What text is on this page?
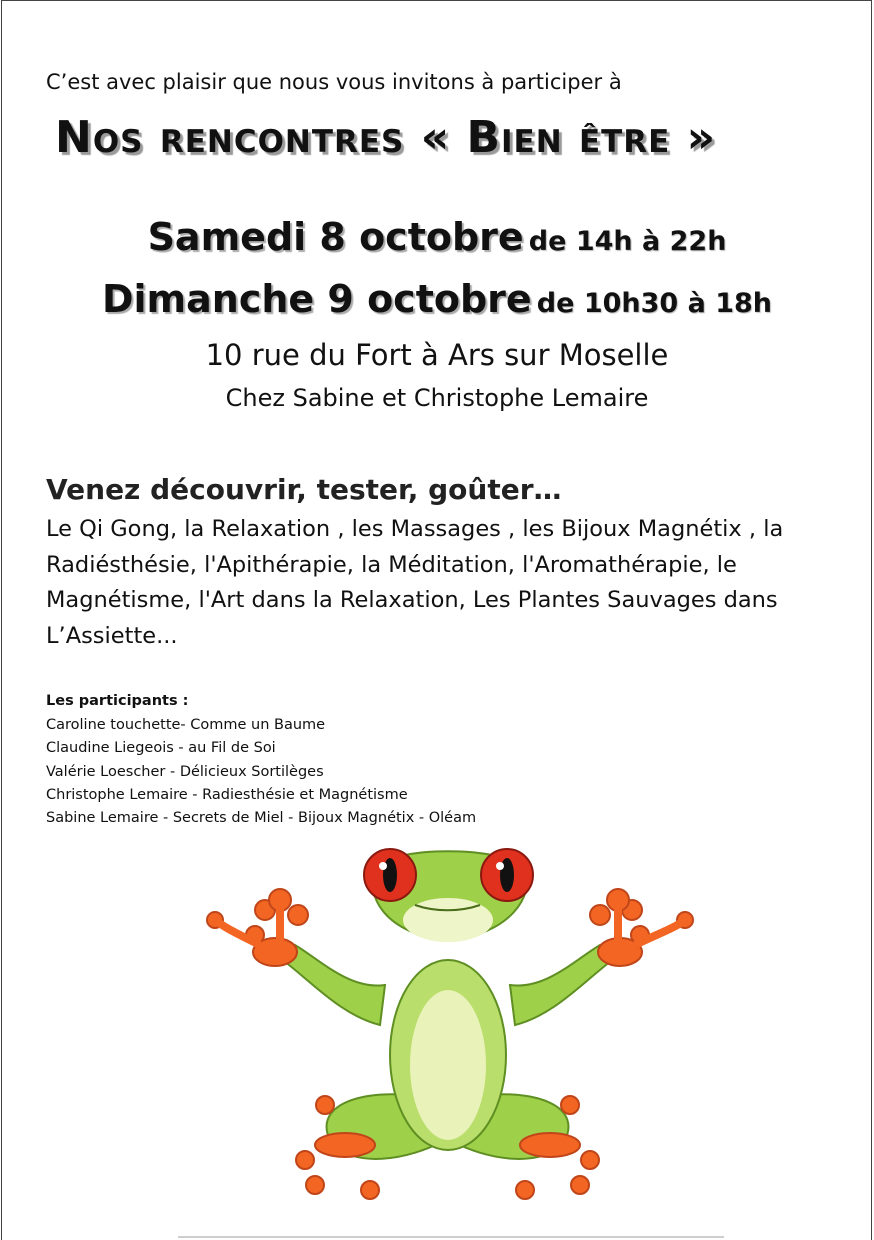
C’est avec plaisir que nous vous invitons à participer à
Nos rencontres « Bien être »
Samedi 8 octobre de 14h à 22h
Dimanche 9 octobre de 10h30 à 18h
10 rue du Fort à Ars sur Moselle
Chez Sabine et Christophe Lemaire
Venez découvrir, tester, goûter…
Le Qi Gong, la Relaxation , les Massages , les Bijoux Magnétix , la Radiésthésie, l'Apithérapie, la Méditation, l'Aromathérapie, le Magnétisme, l'Art dans la Relaxation, Les Plantes Sauvages dans L’Assiette...
Les participants :
Caroline touchette- Comme un Baume
Claudine Liegeois - au Fil de Soi
Valérie Loescher - Délicieux Sortilèges
Christophe Lemaire - Radiesthésie et Magnétisme
Sabine Lemaire - Secrets de Miel - Bijoux Magnétix - Oléam
